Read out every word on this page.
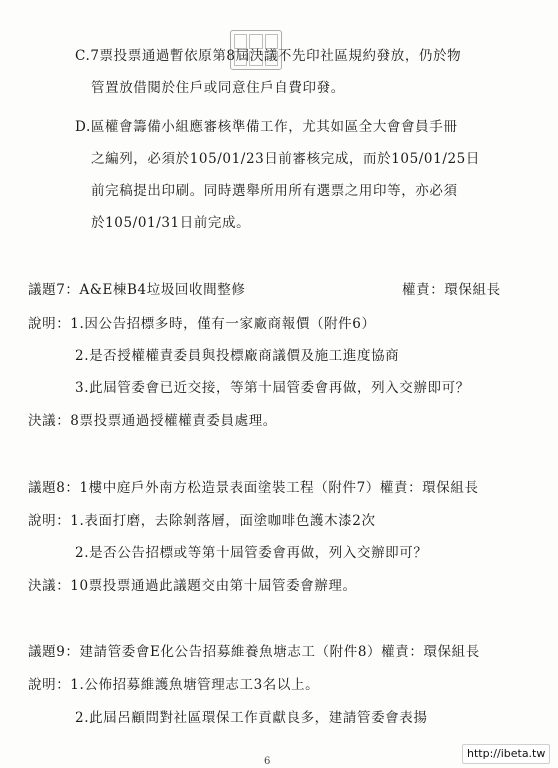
C.7票投票通過暫依原第8屆決議不先印社區規約發放，仍於物
管置放借閱於住戶或同意住戶自費印發。
D.區權會籌備小組應審核準備工作，尤其如區全大會會員手冊
之編列，必須於105/01/23日前審核完成，而於105/01/25日
前完稿提出印刷。同時選舉所用所有選票之用印等，亦必須
於105/01/31日前完成。
議題7：A&E棟B4垃圾回收間整修	權責：環保組長
說明：1.因公告招標多時，僅有一家廠商報價（附件6）
2.是否授權權責委員與投標廠商議價及施工進度協商
3.此屆管委會已近交接，等第十屆管委會再做，列入交辦即可？
決議：8票投票通過授權權責委員處理。
議題8：1樓中庭戶外南方松造景表面塗裝工程（附件7）權責：環保組長
說明：1.表面打磨，去除剝落層，面塗咖啡色護木漆2次
2.是否公告招標或等第十屆管委會再做，列入交辦即可？
決議：10票投票通過此議題交由第十屆管委會辦理。
議題9：建請管委會E化公告招募維養魚塘志工（附件8）權責：環保組長
說明：1.公佈招募維護魚塘管理志工3名以上。
2.此屆呂顧問對社區環保工作貢獻良多，建請管委會表揚
6
http://ibeta.tw
